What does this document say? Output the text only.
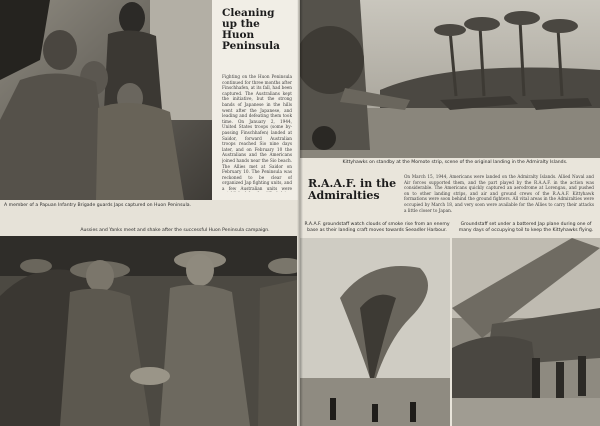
Cleaning up the Huon Peninsula
Fighting on the Huon Peninsula continued for three months after Finschhafen, at its fall, had been captured. The Australians kept the initiative, but the strong bands of Japanese in the hills went after the Japanese, and leading and defeating them took time. On January 2, 1944, United States troops (some by-passing Finschhafen) landed at Saidor, forward Australian troops reached Sio nine days later, and on February 10 the Australians and the Americans joined hands near the Sio beach. The Allies met at Saidor on February 10. The Peninsula was reckoned to be clear of organized Jap fighting units, and a few Australian units were
A member of a Papuan Infantry Brigade guards Japs captured on Huon Peninsula.
Aussies and Yanks meet and shake after the successful Huon Peninsula campaign.
Kittyhawks on standby at the Momote strip, scene of the original landing in the Admiralty Islands.
R.A.A.F. in the Admiralties
On March 15, 1944, Americans were landed on the Admiralty Islands. Allied Naval and Air forces supported them, and the part played by the R.A.A.F. in the action was considerable. The Americans quickly captured an aerodrome at Lorengau, and pushed on to other landing strips, and air and ground crews of the R.A.A.F. Kittyhawk formations were soon behind the ground fighters. All vital areas in the Admiralties were occupied by March 18, and very soon were available for the Allies to carry their attacks a little closer to Japan.
R.A.A.F. groundstaff watch clouds of smoke rise from an enemy base as their landing craft moves towards Seeadler Harbour.
Groundstaff set under a battered Jap plane during one of many days of occupying toil to keep the Kittyhawks flying.
